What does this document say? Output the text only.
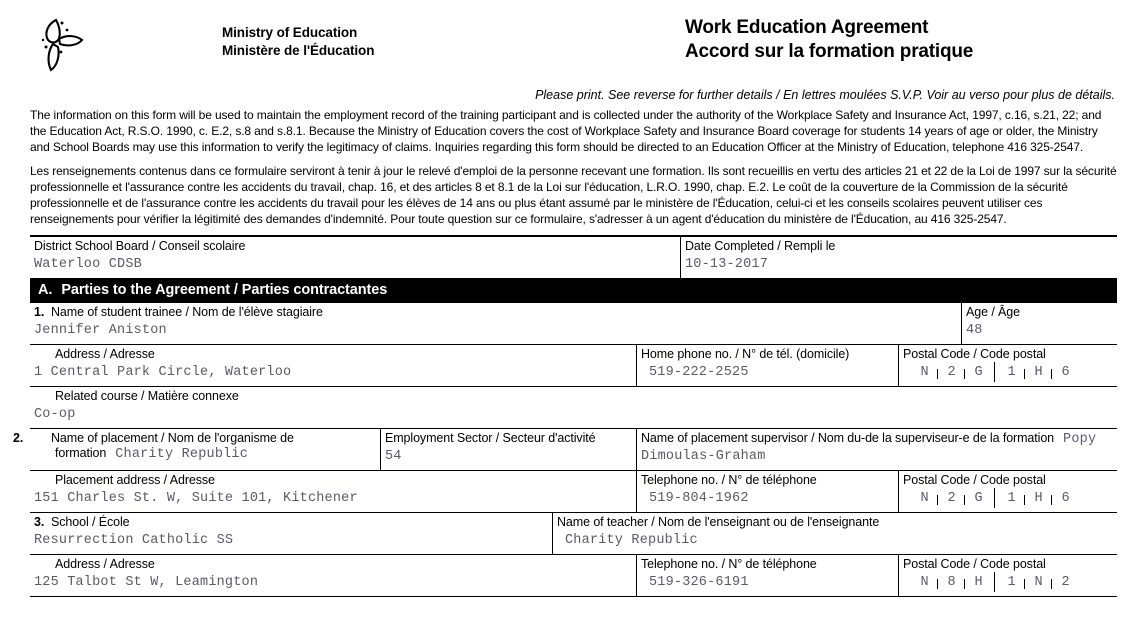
Ministry of Education
Ministère de l'Éducation
Work Education Agreement
Accord sur la formation pratique
Please print. See reverse for further details / En lettres moulées S.V.P. Voir au verso pour plus de détails.
The information on this form will be used to maintain the employment record of the training participant and is collected under the authority of the Workplace Safety and Insurance Act, 1997, c.16, s.21, 22; and the Education Act, R.S.O. 1990, c. E.2, s.8 and s.8.1. Because the Ministry of Education covers the cost of Workplace Safety and Insurance Board coverage for students 14 years of age or older, the Ministry and School Boards may use this information to verify the legitimacy of claims. Inquiries regarding this form should be directed to an Education Officer at the Ministry of Education, telephone 416 325-2547.
Les renseignements contenus dans ce formulaire serviront à tenir à jour le relevé d'emploi de la personne recevant une formation. Ils sont recueillis en vertu des articles 21 et 22 de la Loi de 1997 sur la sécurité professionnelle et l'assurance contre les accidents du travail, chap. 16, et des articles 8 et 8.1 de la Loi sur l'éducation, L.R.O. 1990, chap. E.2. Le coût de la couverture de la Commission de la sécurité professionnelle et de l'assurance contre les accidents du travail pour les élèves de 14 ans ou plus étant assumé par le ministère de l'Éducation, celui-ci et les conseils scolaires peuvent utiliser ces renseignements pour vérifier la légitimité des demandes d'indemnité. Pour toute question sur ce formulaire, s'adresser à un agent d'éducation du ministère de l'Éducation, au 416 325-2547.
District School Board / Conseil scolaire
Waterloo CDSB
Date Completed / Rempli le
10-13-2017
A. Parties to the Agreement / Parties contractantes
1. Name of student trainee / Nom de l'élève stagiaire
Jennifer Aniston
Age / Âge
48
Address / Adresse
1 Central Park Circle, Waterloo
Home phone no. / N° de tél. (domicile)
519-222-2525
Postal Code / Code postal
N	2	G	1	H	6
Related course / Matière connexe
Co-op
2. Name of placement / Nom de l'organisme de formation Charity Republic
Employment Sector / Secteur d'activité
54
Name of placement supervisor / Nom du-de la superviseur-e de la formation Popy Dimoulas-Graham
Placement address / Adresse
151 Charles St. W, Suite 101, Kitchener
Telephone no. / N° de téléphone
519-804-1962
Postal Code / Code postal
N	2	G	1	H	6
3. School / École
Resurrection Catholic SS
Name of teacher / Nom de l'enseignant ou de l'enseignante
Charity Republic
Address / Adresse
125 Talbot St W, Leamington
Telephone no. / N° de téléphone
519-326-6191
Postal Code / Code postal
N	8	H	1	N	2
